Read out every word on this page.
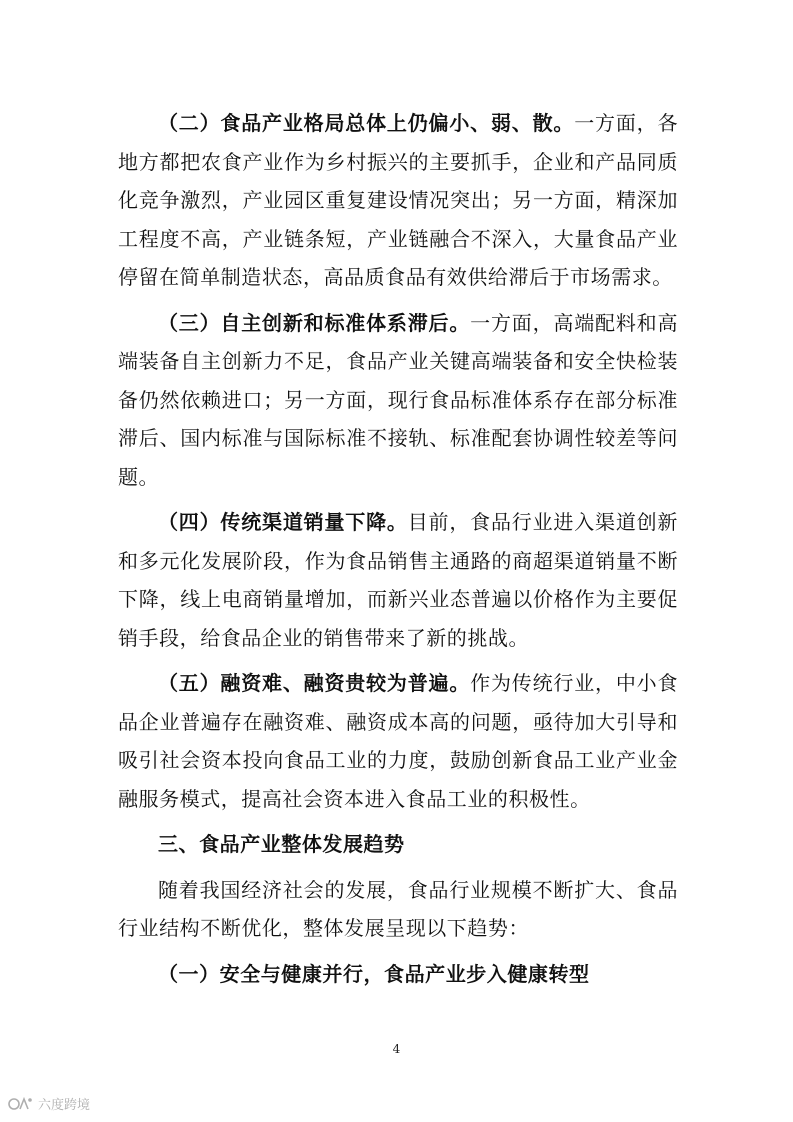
（二）食品产业格局总体上仍偏小、弱、散。一方面，各地方都把农食产业作为乡村振兴的主要抓手，企业和产品同质化竞争激烈，产业园区重复建设情况突出；另一方面，精深加工程度不高，产业链条短，产业链融合不深入，大量食品产业停留在简单制造状态，高品质食品有效供给滞后于市场需求。

（三）自主创新和标准体系滞后。一方面，高端配料和高端装备自主创新力不足，食品产业关键高端装备和安全快检装备仍然依赖进口；另一方面，现行食品标准体系存在部分标准滞后、国内标准与国际标准不接轨、标准配套协调性较差等问题。

（四）传统渠道销量下降。目前，食品行业进入渠道创新和多元化发展阶段，作为食品销售主通路的商超渠道销量不断下降，线上电商销量增加，而新兴业态普遍以价格作为主要促销手段，给食品企业的销售带来了新的挑战。

（五）融资难、融资贵较为普遍。作为传统行业，中小食品企业普遍存在融资难、融资成本高的问题，亟待加大引导和吸引社会资本投向食品工业的力度，鼓励创新食品工业产业金融服务模式，提高社会资本进入食品工业的积极性。

三、食品产业整体发展趋势

随着我国经济社会的发展，食品行业规模不断扩大、食品行业结构不断优化，整体发展呈现以下趋势：

（一）安全与健康并行，食品产业步入健康转型

4
六度跨境
